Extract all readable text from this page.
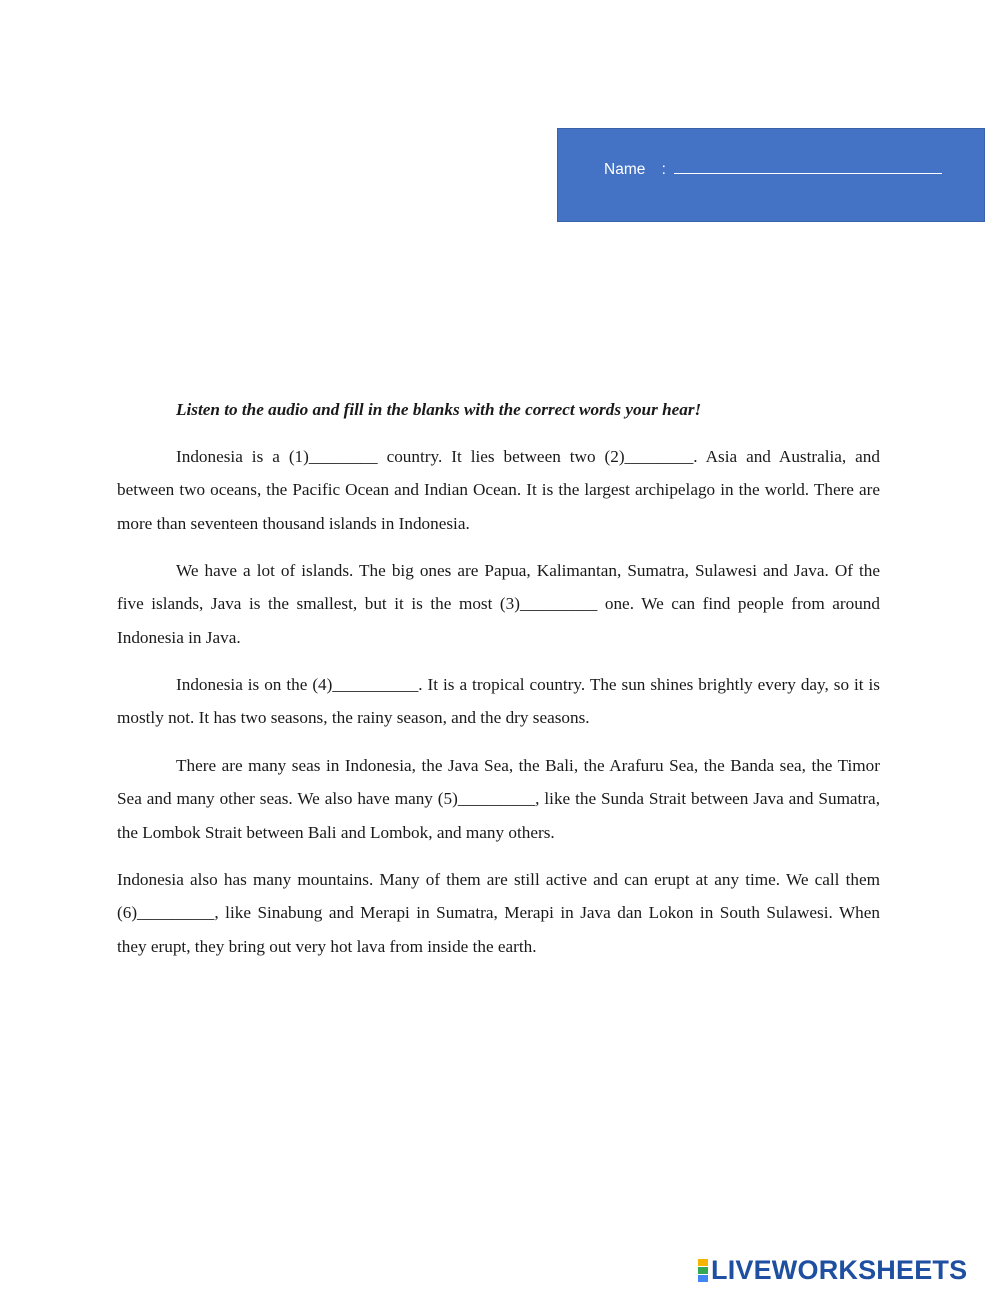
Name :
Listen to the audio and fill in the blanks with the correct words your hear!

Indonesia is a (1)________ country. It lies between two (2)________. Asia and Australia, and between two oceans, the Pacific Ocean and Indian Ocean. It is the largest archipelago in the world. There are more than seventeen thousand islands in Indonesia.

We have a lot of islands. The big ones are Papua, Kalimantan, Sumatra, Sulawesi and Java. Of the five islands, Java is the smallest, but it is the most (3)_________ one. We can find people from around Indonesia in Java.

Indonesia is on the (4)__________. It is a tropical country. The sun shines brightly every day, so it is mostly not. It has two seasons, the rainy season, and the dry seasons.

There are many seas in Indonesia, the Java Sea, the Bali, the Arafuru Sea, the Banda sea, the Timor Sea and many other seas. We also have many (5)_________, like the Sunda Strait between Java and Sumatra, the Lombok Strait between Bali and Lombok, and many others.

Indonesia also has many mountains. Many of them are still active and can erupt at any time. We call them (6)_________, like Sinabung and Merapi in Sumatra, Merapi in Java dan Lokon in South Sulawesi. When they erupt, they bring out very hot lava from inside the earth.

LIVEWORKSHEETS
